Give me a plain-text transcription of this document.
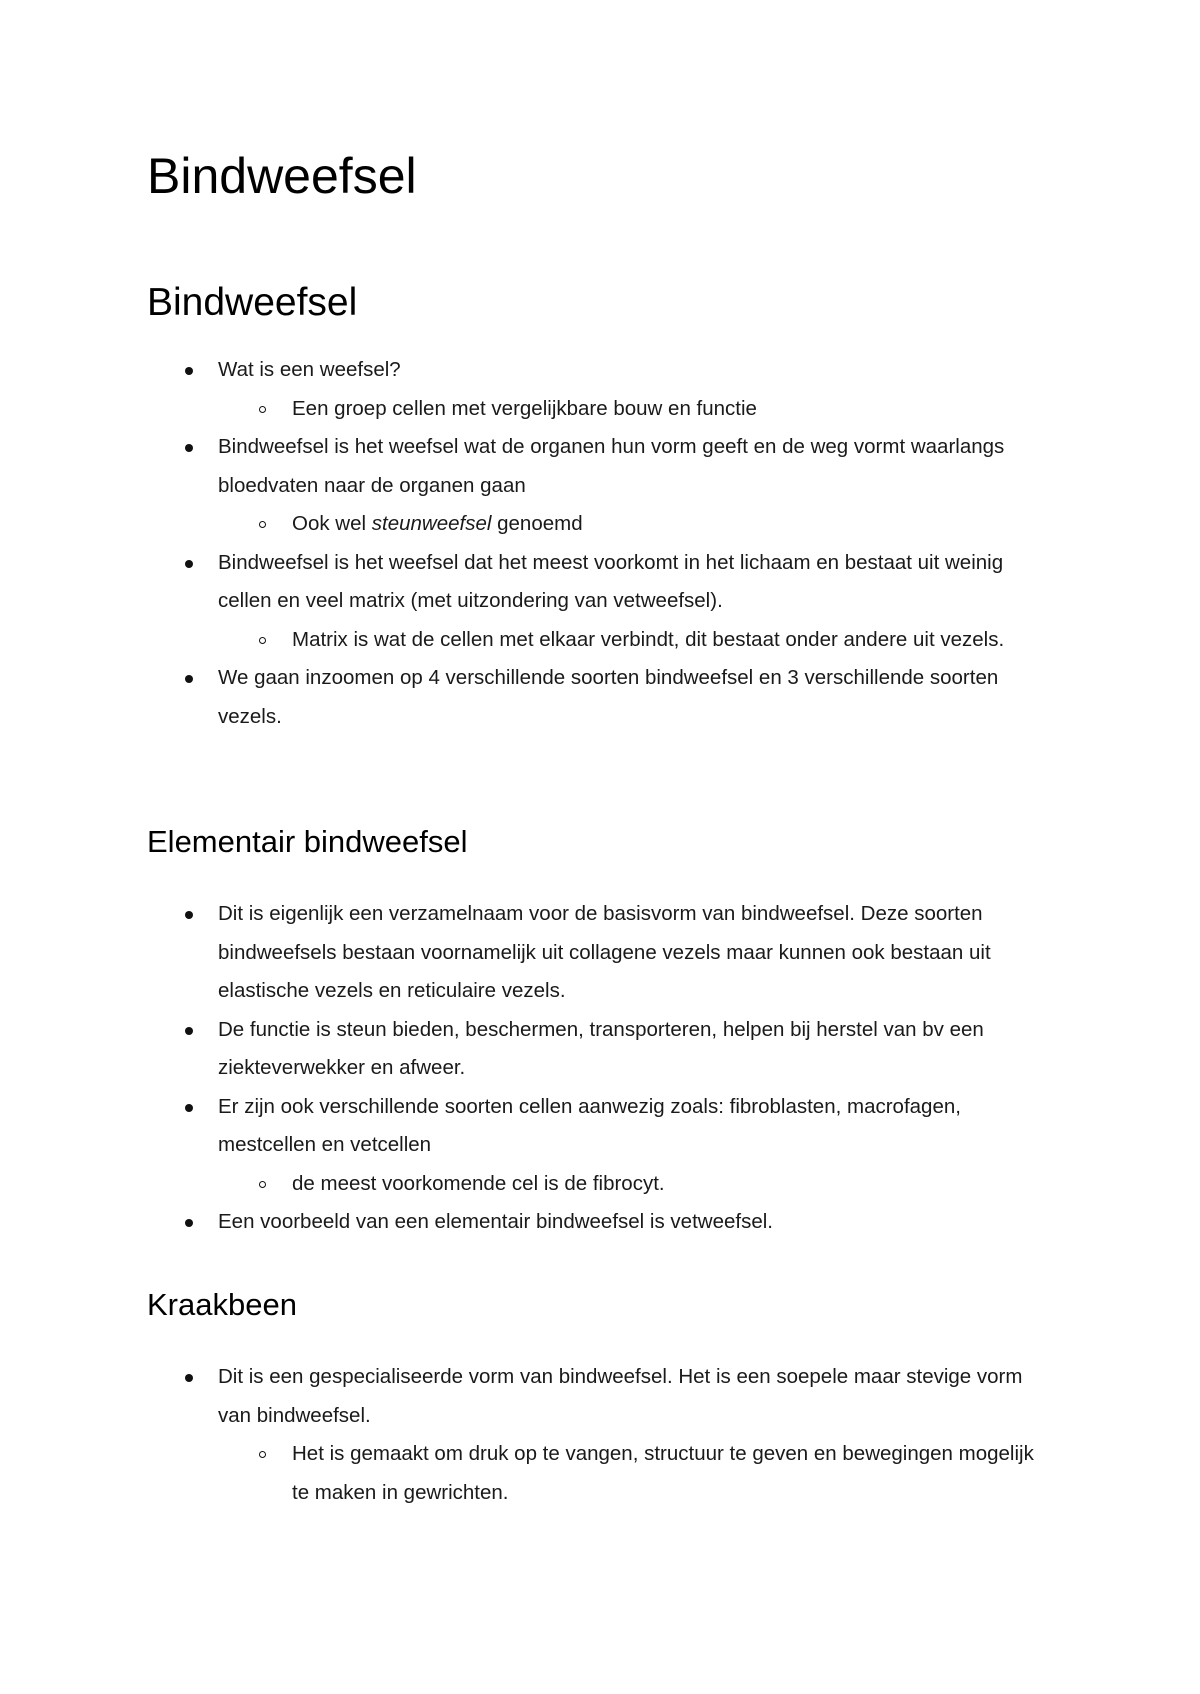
Bindweefsel
Bindweefsel
Wat is een weefsel?
Een groep cellen met vergelijkbare bouw en functie
Bindweefsel is het weefsel wat de organen hun vorm geeft en de weg vormt waarlangs bloedvaten naar de organen gaan
Ook wel steunweefsel genoemd
Bindweefsel is het weefsel dat het meest voorkomt in het lichaam en bestaat uit weinig cellen en veel matrix (met uitzondering van vetweefsel).
Matrix is wat de cellen met elkaar verbindt, dit bestaat onder andere uit vezels.
We gaan inzoomen op 4 verschillende soorten bindweefsel en 3 verschillende soorten vezels.
Elementair bindweefsel
Dit is eigenlijk een verzamelnaam voor de basisvorm van bindweefsel. Deze soorten bindweefsels bestaan voornamelijk uit collagene vezels maar kunnen ook bestaan uit elastische vezels en reticulaire vezels.
De functie is steun bieden, beschermen, transporteren, helpen bij herstel van bv een ziekteverwekker en afweer.
Er zijn ook verschillende soorten cellen aanwezig zoals: fibroblasten, macrofagen, mestcellen en vetcellen
de meest voorkomende cel is de fibrocyt.
Een voorbeeld van een elementair bindweefsel is vetweefsel.
Kraakbeen
Dit is een gespecialiseerde vorm van bindweefsel. Het is een soepele maar stevige vorm van bindweefsel.
Het is gemaakt om druk op te vangen, structuur te geven en bewegingen mogelijk te maken in gewrichten.
